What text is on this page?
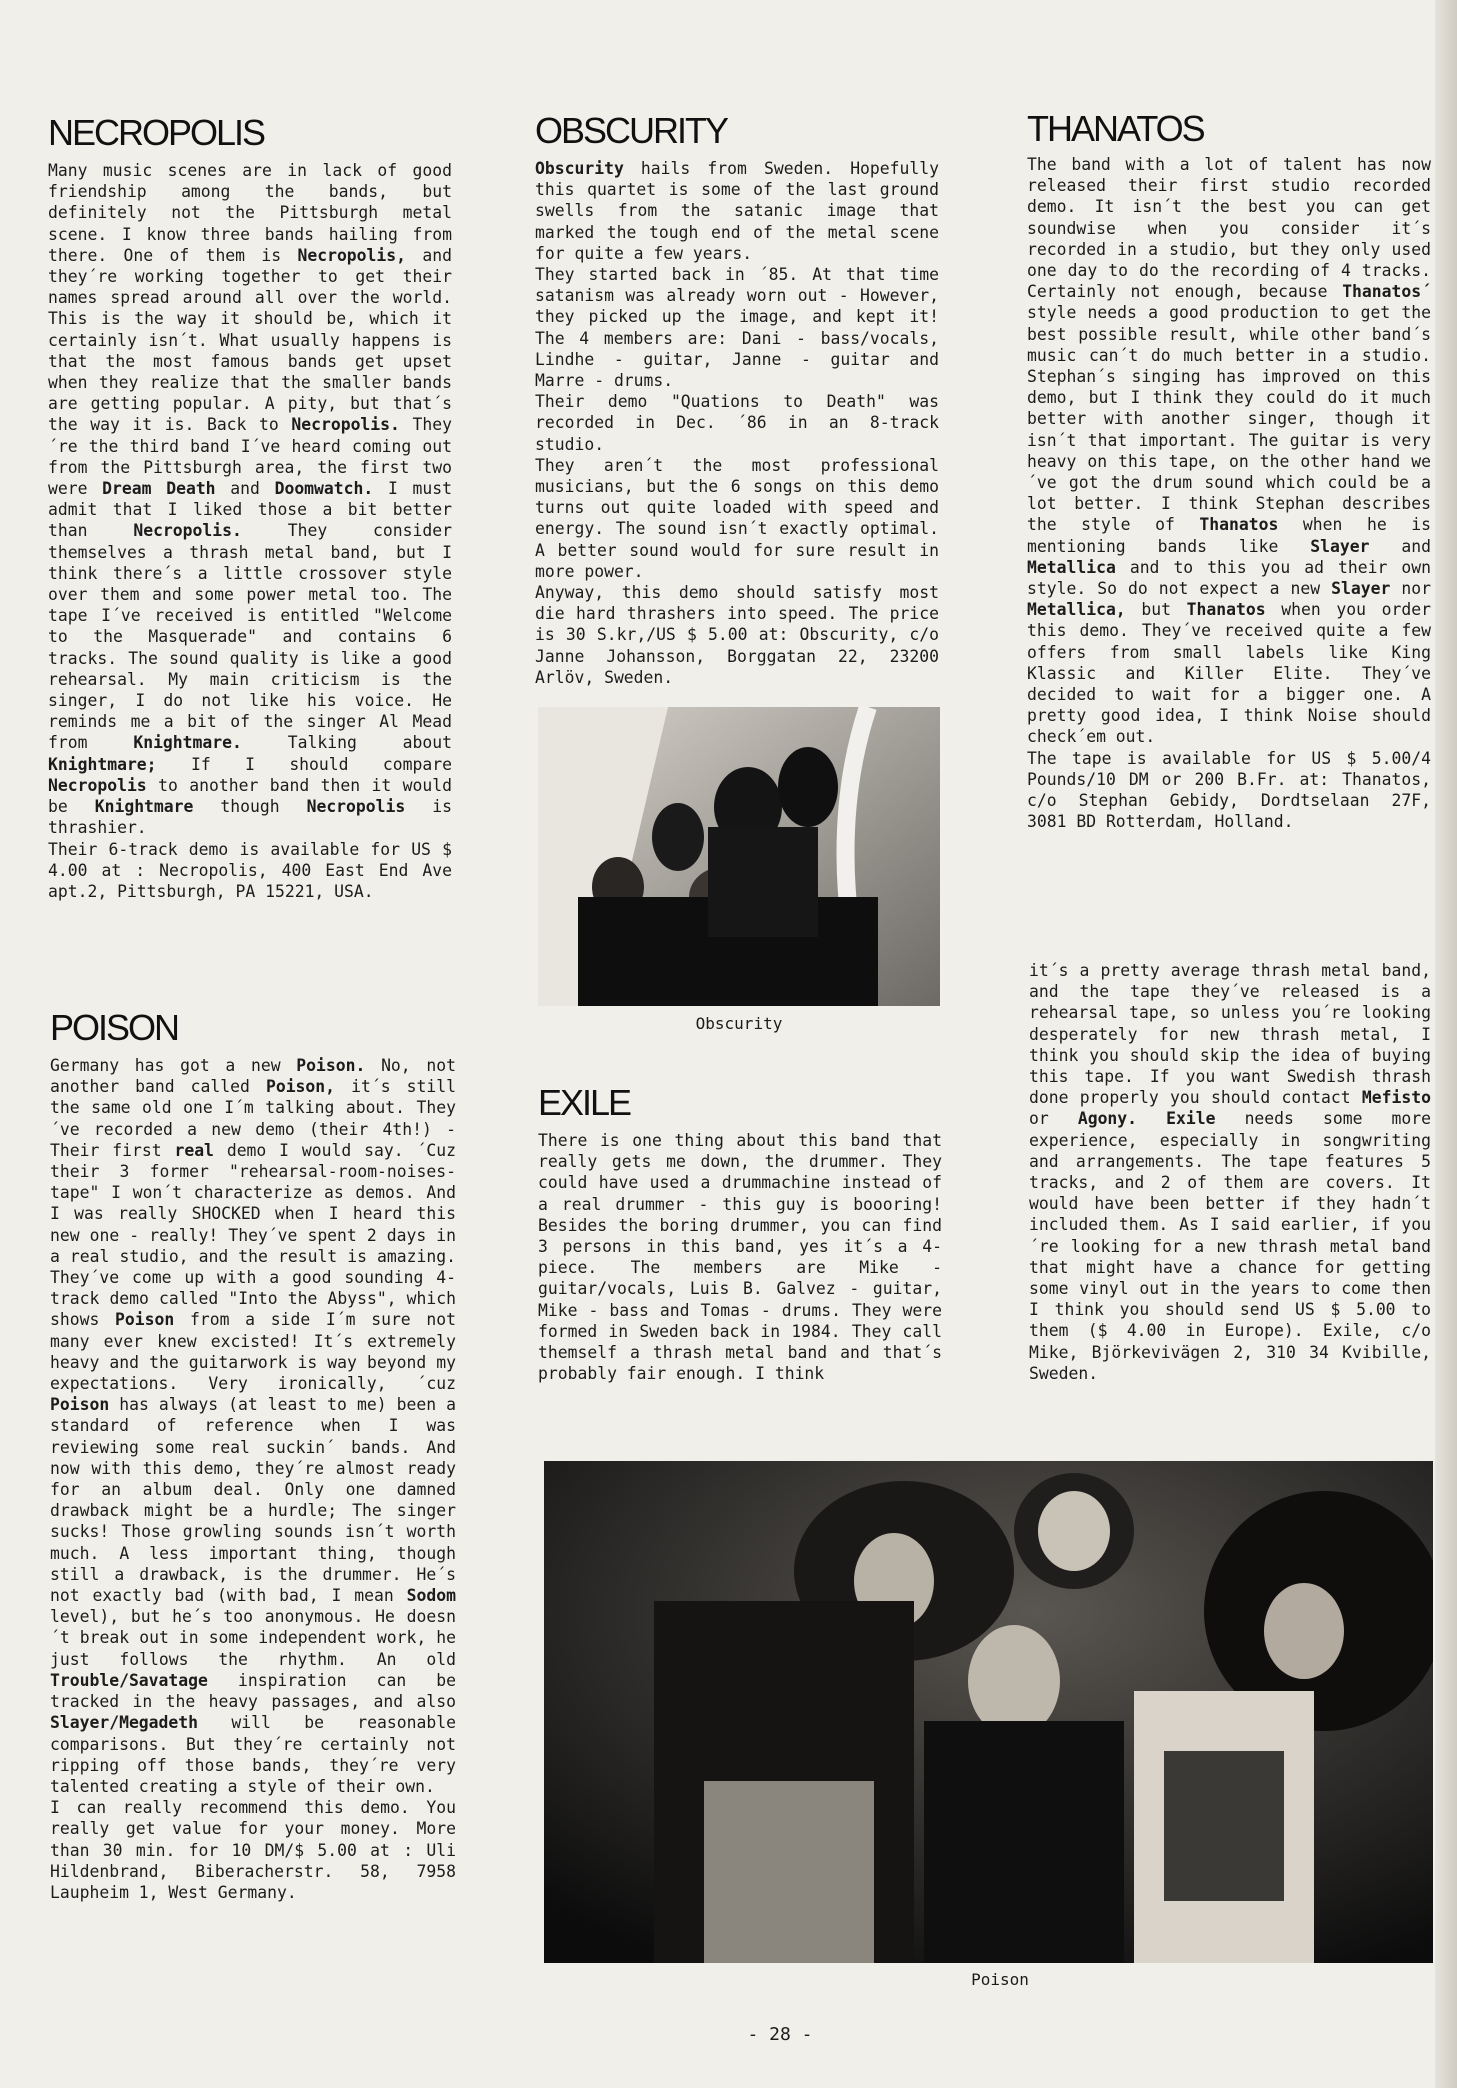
NECROPOLIS

Many music scenes are in lack of good friendship among the bands, but definitely not the Pittsburgh metal scene. I know three bands hailing from there. One of them is Necropolis, and they´re working together to get their names spread around all over the world. This is the way it should be, which it certainly isn´t. What usually happens is that the most famous bands get upset when they realize that the smaller bands are getting popular. A pity, but that´s the way it is. Back to Necropolis. They´re the third band I´ve heard coming out from the Pittsburgh area, the first two were Dream Death and Doomwatch. I must admit that I liked those a bit better than Necropolis. They consider themselves a thrash metal band, but I think there´s a little crossover style over them and some power metal too. The tape I´ve received is entitled "Welcome to the Masquerade" and contains 6 tracks. The sound quality is like a good rehearsal. My main criticism is the singer, I do not like his voice. He reminds me a bit of the singer Al Mead from Knightmare. Talking about Knightmare; If I should compare Necropolis to another band then it would be Knightmare though Necropolis is thrashier.

Their 6-track demo is available for US $ 4.00 at : Necropolis, 400 East End Ave apt.2, Pittsburgh, PA 15221, USA.

POISON

Germany has got a new Poison. No, not another band called Poison, it´s still the same old one I´m talking about. They´ve recorded a new demo (their 4th!) - Their first real demo I would say. ´Cuz their 3 former "rehearsal-room-noises-tape" I won´t characterize as demos. And I was really SHOCKED when I heard this new one - really! They´ve spent 2 days in a real studio, and the result is amazing. They´ve come up with a good sounding 4-track demo called "Into the Abyss", which shows Poison from a side I´m sure not many ever knew excisted! It´s extremely heavy and the guitarwork is way beyond my expectations. Very ironically, ´cuz Poison has always (at least to me) been a standard of reference when I was reviewing some real suckin´ bands. And now with this demo, they´re almost ready for an album deal. Only one damned drawback might be a hurdle; The singer sucks! Those growling sounds isn´t worth much. A less important thing, though still a drawback, is the drummer. He´s not exactly bad (with bad, I mean Sodom level), but he´s too anonymous. He doesn´t break out in some independent work, he just follows the rhythm. An old Trouble/Savatage inspiration can be tracked in the heavy passages, and also Slayer/Megadeth will be reasonable comparisons. But they´re certainly not ripping off those bands, they´re very talented creating a style of their own.

I can really recommend this demo. You really get value for your money. More than 30 min. for 10 DM/$ 5.00 at : Uli Hildenbrand, Biberacherstr. 58, 7958 Laupheim 1, West Germany.

OBSCURITY

Obscurity hails from Sweden. Hopefully this quartet is some of the last ground swells from the satanic image that marked the tough end of the metal scene for quite a few years.

They started back in ´85. At that time satanism was already worn out - However, they picked up the image, and kept it! The 4 members are: Dani - bass/vocals, Lindhe - guitar, Janne - guitar and Marre - drums.

Their demo "Quations to Death" was recorded in Dec. ´86 in an 8-track studio.

They aren´t the most professional musicians, but the 6 songs on this demo turns out quite loaded with speed and energy. The sound isn´t exactly optimal. A better sound would for sure result in more power.

Anyway, this demo should satisfy most die hard thrashers into speed. The price is 30 S.kr,/US $ 5.00 at: Obscurity, c/o Janne Johansson, Borggatan 22, 23200 Arlöv, Sweden.

Obscurity
EXILE

There is one thing about this band that really gets me down, the drummer. They could have used a drummachine instead of a real drummer - this guy is boooring! Besides the boring drummer, you can find 3 persons in this band, yes it´s a 4-piece. The members are Mike - guitar/vocals, Luis B. Galvez - guitar, Mike - bass and Tomas - drums. They were formed in Sweden back in 1984. They call themself a thrash metal band and that´s probably fair enough. I think

THANATOS

The band with a lot of talent has now released their first studio recorded demo. It isn´t the best you can get soundwise when you consider it´s recorded in a studio, but they only used one day to do the recording of 4 tracks. Certainly not enough, because Thanatos´ style needs a good production to get the best possible result, while other band´s music can´t do much better in a studio. Stephan´s singing has improved on this demo, but I think they could do it much better with another singer, though it isn´t that important. The guitar is very heavy on this tape, on the other hand we´ve got the drum sound which could be a lot better. I think Stephan describes the style of Thanatos when he is mentioning bands like Slayer and Metallica and to this you ad their own style. So do not expect a new Slayer nor Metallica, but Thanatos when you order this demo. They´ve received quite a few offers from small labels like King Klassic and Killer Elite. They´ve decided to wait for a bigger one. A pretty good idea, I think Noise should check´em out.

The tape is available for US $ 5.00/4 Pounds/10 DM or 200 B.Fr. at: Thanatos, c/o Stephan Gebidy, Dordtselaan 27F, 3081 BD Rotterdam, Holland.

it´s a pretty average thrash metal band, and the tape they´ve released is a rehearsal tape, so unless you´re looking desperately for new thrash metal, I think you should skip the idea of buying this tape. If you want Swedish thrash done properly you should contact Mefisto or Agony. Exile needs some more experience, especially in songwriting and arrangements. The tape features 5 tracks, and 2 of them are covers. It would have been better if they hadn´t included them. As I said earlier, if you´re looking for a new thrash metal band that might have a chance for getting some vinyl out in the years to come then I think you should send US $ 5.00 to them ($ 4.00 in Europe). Exile, c/o Mike, Björkevivägen 2, 310 34 Kvibille, Sweden.

Poison
- 28 -
